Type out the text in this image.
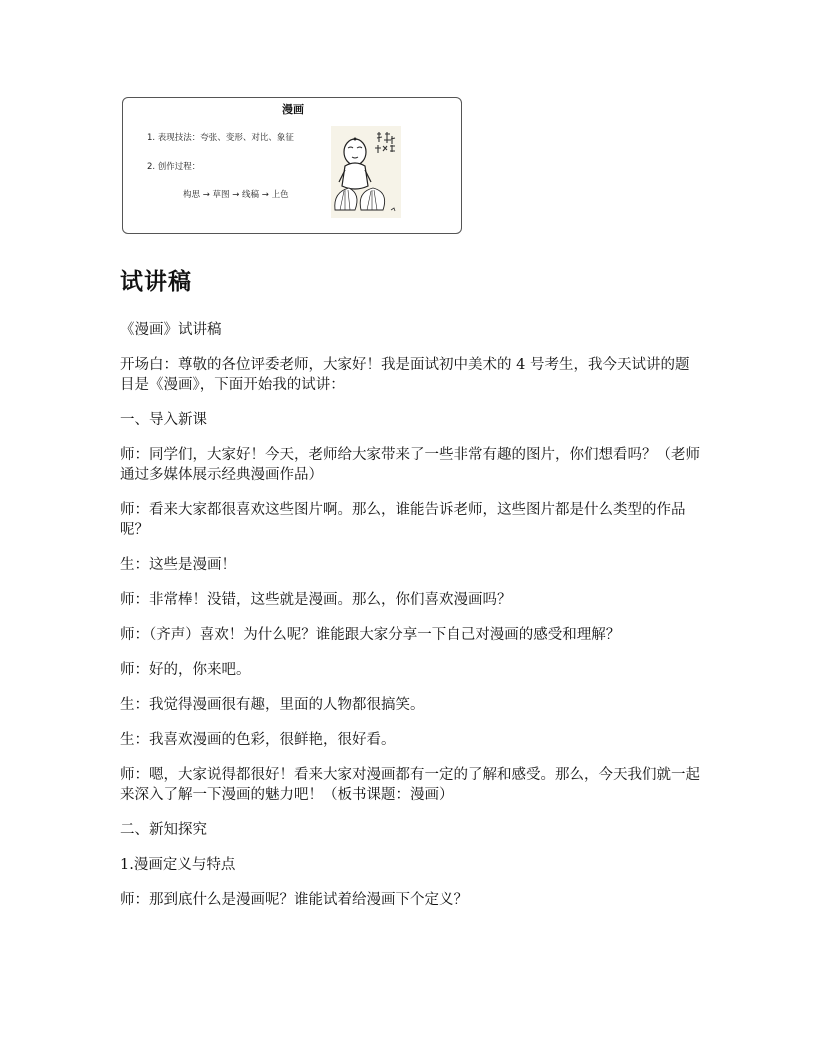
漫画
1. 表现技法：夸张、变形、对比、象征
2. 创作过程：
构思 → 草图 → 线稿 → 上色
试讲稿

《漫画》试讲稿

开场白：尊敬的各位评委老师，大家好！我是面试初中美术的 4 号考生，我今天试讲的题目是《漫画》，下面开始我的试讲：

一、导入新课

师：同学们，大家好！今天，老师给大家带来了一些非常有趣的图片，你们想看吗？（老师通过多媒体展示经典漫画作品）

师：看来大家都很喜欢这些图片啊。那么，谁能告诉老师，这些图片都是什么类型的作品呢？

生：这些是漫画！

师：非常棒！没错，这些就是漫画。那么，你们喜欢漫画吗？

师：（齐声）喜欢！为什么呢？谁能跟大家分享一下自己对漫画的感受和理解？

师：好的，你来吧。

生：我觉得漫画很有趣，里面的人物都很搞笑。

生：我喜欢漫画的色彩，很鲜艳，很好看。

师：嗯，大家说得都很好！看来大家对漫画都有一定的了解和感受。那么，今天我们就一起来深入了解一下漫画的魅力吧！（板书课题：漫画）

二、新知探究

1.漫画定义与特点

师：那到底什么是漫画呢？谁能试着给漫画下个定义？
